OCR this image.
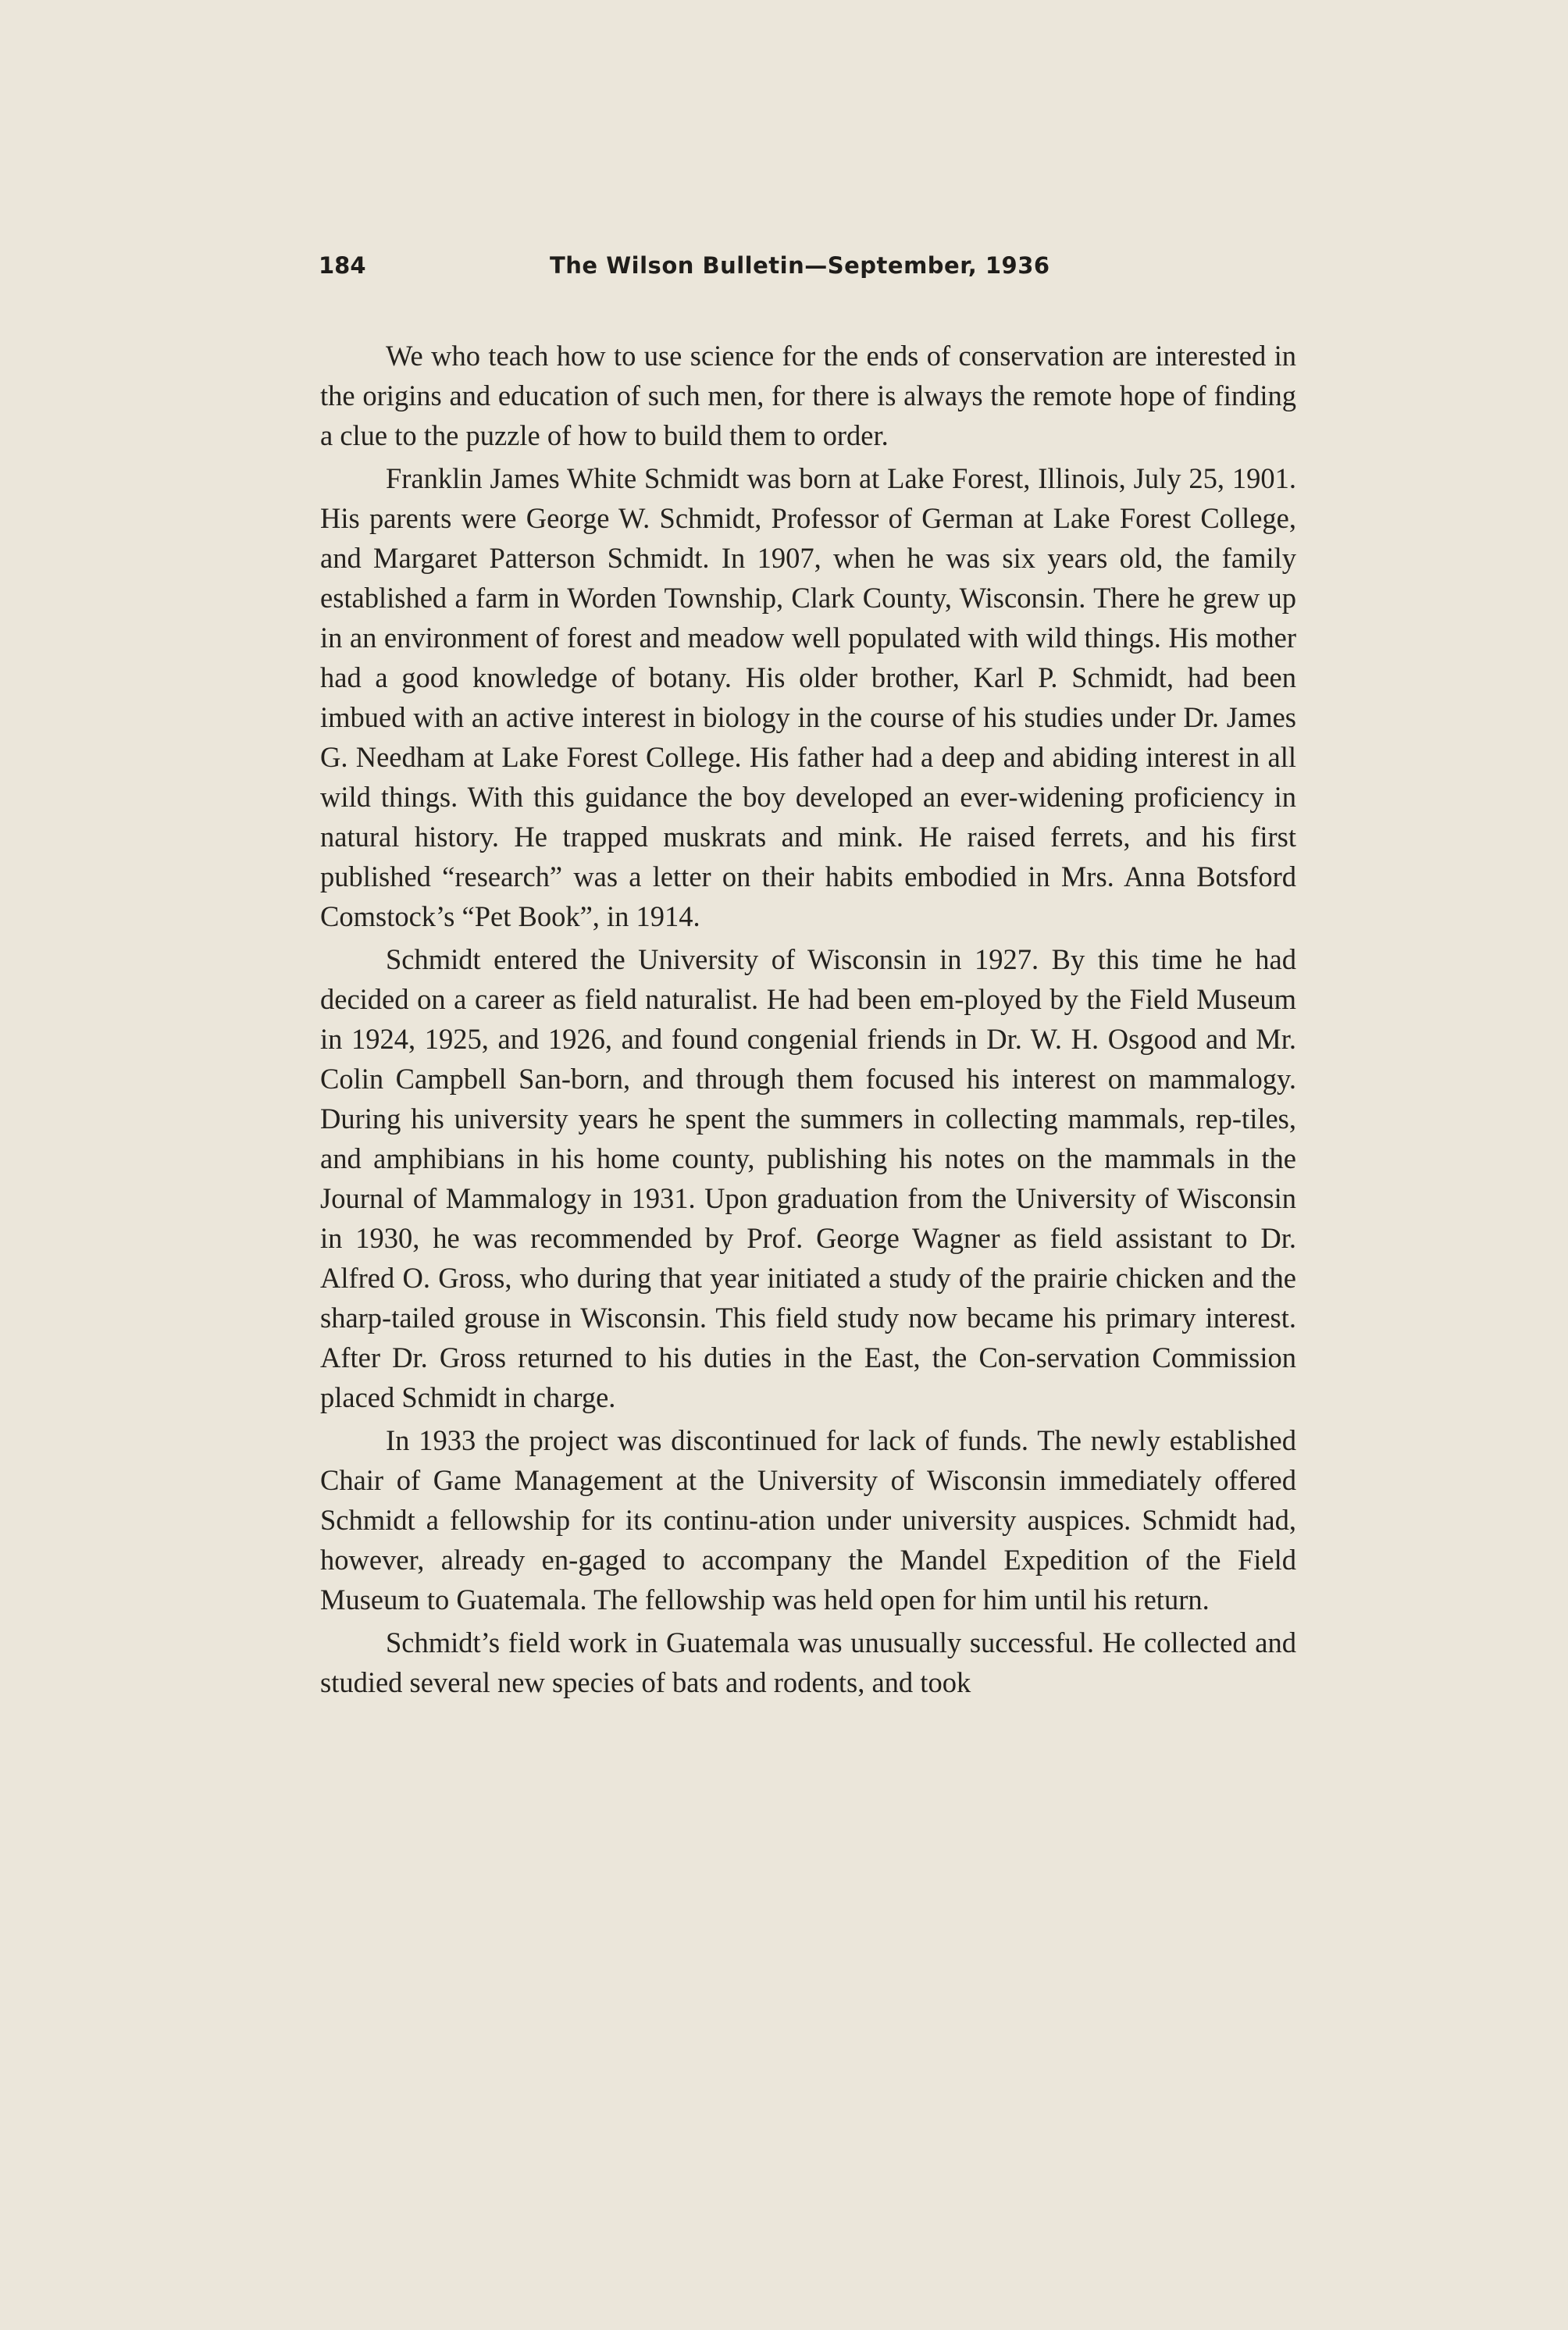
184	The Wilson Bulletin—September, 1936

We who teach how to use science for the ends of conservation are interested in the origins and education of such men, for there is always the remote hope of finding a clue to the puzzle of how to build them to order.

Franklin James White Schmidt was born at Lake Forest, Illinois, July 25, 1901. His parents were George W. Schmidt, Professor of German at Lake Forest College, and Margaret Patterson Schmidt. In 1907, when he was six years old, the family established a farm in Worden Township, Clark County, Wisconsin. There he grew up in an environment of forest and meadow well populated with wild things. His mother had a good knowledge of botany. His older brother, Karl P. Schmidt, had been imbued with an active interest in biology in the course of his studies under Dr. James G. Needham at Lake Forest College. His father had a deep and abiding interest in all wild things. With this guidance the boy developed an ever-widening proficiency in natural history. He trapped muskrats and mink. He raised ferrets, and his first published “research” was a letter on their habits embodied in Mrs. Anna Botsford Comstock’s “Pet Book”, in 1914.

Schmidt entered the University of Wisconsin in 1927. By this time he had decided on a career as field naturalist. He had been em-ployed by the Field Museum in 1924, 1925, and 1926, and found congenial friends in Dr. W. H. Osgood and Mr. Colin Campbell San-born, and through them focused his interest on mammalogy. During his university years he spent the summers in collecting mammals, rep-tiles, and amphibians in his home county, publishing his notes on the mammals in the Journal of Mammalogy in 1931. Upon graduation from the University of Wisconsin in 1930, he was recommended by Prof. George Wagner as field assistant to Dr. Alfred O. Gross, who during that year initiated a study of the prairie chicken and the sharp-tailed grouse in Wisconsin. This field study now became his primary interest. After Dr. Gross returned to his duties in the East, the Con-servation Commission placed Schmidt in charge.

In 1933 the project was discontinued for lack of funds. The newly established Chair of Game Management at the University of Wisconsin immediately offered Schmidt a fellowship for its continu-ation under university auspices. Schmidt had, however, already en-gaged to accompany the Mandel Expedition of the Field Museum to Guatemala. The fellowship was held open for him until his return.

Schmidt’s field work in Guatemala was unusually successful. He collected and studied several new species of bats and rodents, and took
